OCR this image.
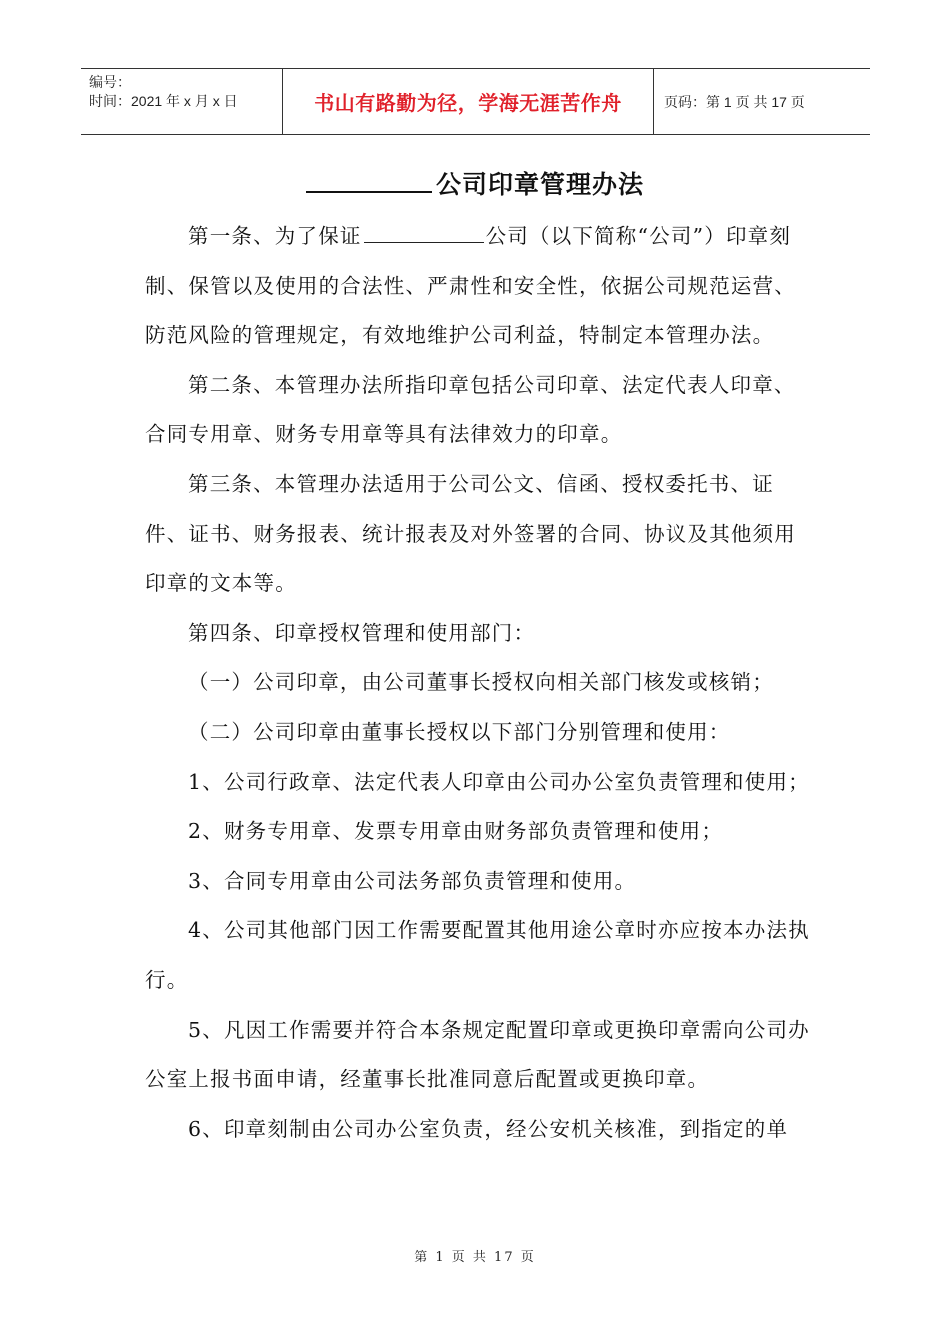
编号：
时间：2021 年 x 月 x 日	书山有路勤为径，学海无涯苦作舟	页码：第 1 页 共 17 页
公司印章管理办法

第一条、为了保证	公司（以下简称“公司”）印章刻制、保管以及使用的合法性、严肃性和安全性，依据公司规范运营、防范风险的管理规定，有效地维护公司利益，特制定本管理办法。

第二条、本管理办法所指印章包括公司印章、法定代表人印章、合同专用章、财务专用章等具有法律效力的印章。

第三条、本管理办法适用于公司公文、信函、授权委托书、证件、证书、财务报表、统计报表及对外签署的合同、协议及其他须用印章的文本等。

第四条、印章授权管理和使用部门：

（一）公司印章，由公司董事长授权向相关部门核发或核销；

（二）公司印章由董事长授权以下部门分别管理和使用：

1、公司行政章、法定代表人印章由公司办公室负责管理和使用；

2、财务专用章、发票专用章由财务部负责管理和使用；

3、合同专用章由公司法务部负责管理和使用。

4、公司其他部门因工作需要配置其他用途公章时亦应按本办法执行。

5、凡因工作需要并符合本条规定配置印章或更换印章需向公司办公室上报书面申请，经董事长批准同意后配置或更换印章。

6、印章刻制由公司办公室负责，经公安机关核准，到指定的单

第 1 页 共 17 页
